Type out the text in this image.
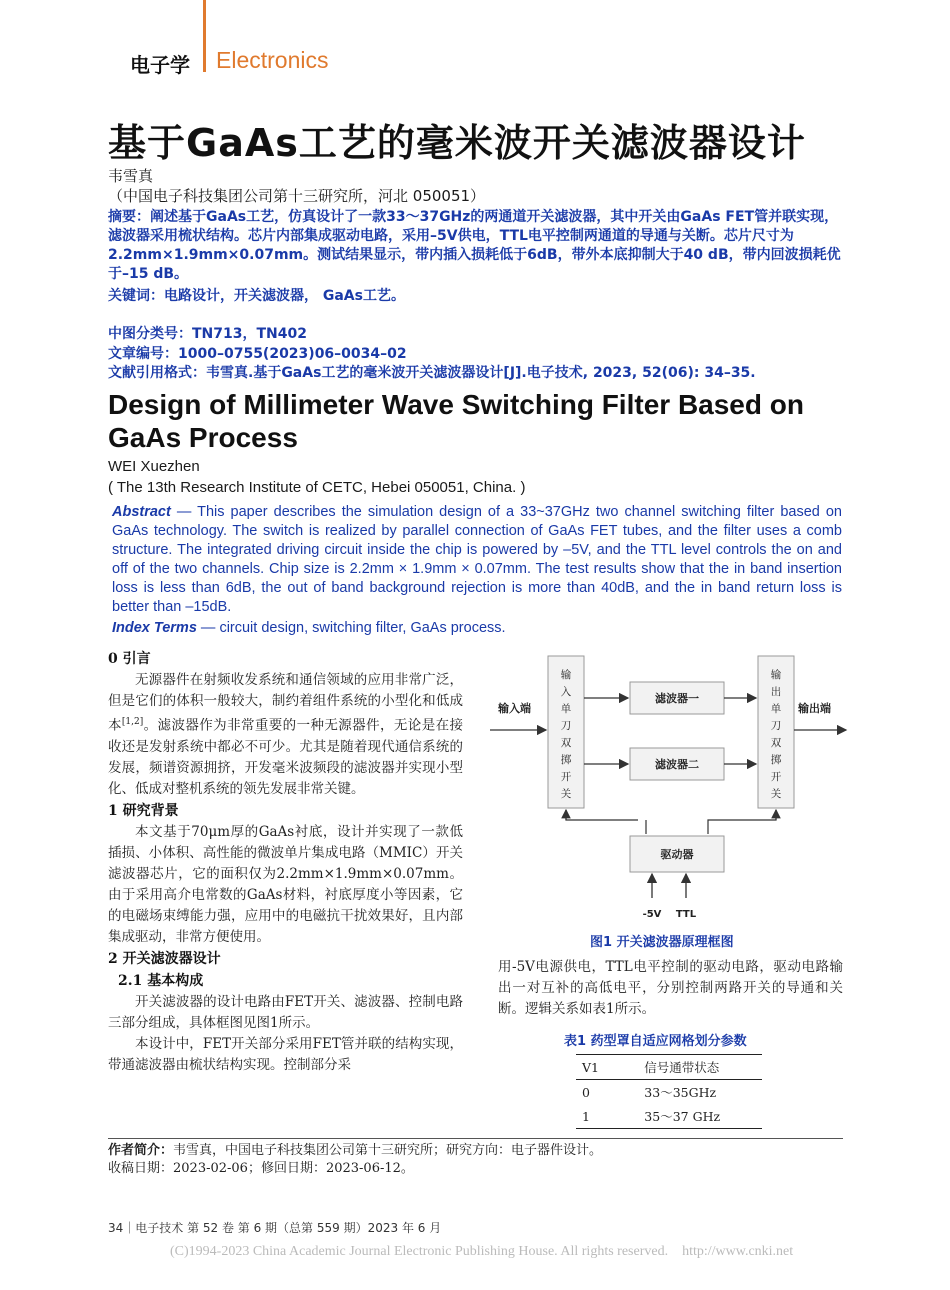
电子学 Electronics
基于GaAs工艺的毫米波开关滤波器设计
韦雪真
（中国电子科技集团公司第十三研究所，河北 050051）
摘要：阐述基于GaAs工艺，仿真设计了一款33～37GHz的两通道开关滤波器，其中开关由GaAs FET管并联实现，滤波器采用梳状结构。芯片内部集成驱动电路，采用–5V供电，TTL电平控制两通道的导通与关断。芯片尺寸为2.2mm×1.9mm×0.07mm。测试结果显示，带内插入损耗低于6dB，带外本底抑制大于40 dB，带内回波损耗优于–15 dB。
关键词：电路设计，开关滤波器， GaAs工艺。
中图分类号：TN713，TN402
文章编号：1000–0755(2023)06–0034–02
文献引用格式：韦雪真.基于GaAs工艺的毫米波开关滤波器设计[J].电子技术, 2023, 52(06): 34–35.
Design of Millimeter Wave Switching Filter Based on GaAs Process
WEI Xuezhen
( The 13th Research Institute of CETC, Hebei 050051, China. )
Abstract — This paper describes the simulation design of a 33~37GHz two channel switching filter based on GaAs technology. The switch is realized by parallel connection of GaAs FET tubes, and the filter uses a comb structure. The integrated driving circuit inside the chip is powered by –5V, and the TTL level controls the on and off of the two channels. Chip size is 2.2mm × 1.9mm × 0.07mm. The test results show that the in band insertion loss is less than 6dB, the out of band background rejection is more than 40dB, and the in band return loss is better than –15dB.
Index Terms — circuit design, switching filter, GaAs process.
0 引言

无源器件在射频收发系统和通信领域的应用非常广泛，但是它们的体积一般较大，制约着组件系统的小型化和低成本[1,2]。滤波器作为非常重要的一种无源器件，无论是在接收还是发射系统中都必不可少。尤其是随着现代通信系统的发展，频谱资源拥挤，开发毫米波频段的滤波器并实现小型化、低成对整机系统的领先发展非常关键。

1 研究背景

本文基于70μm厚的GaAs衬底，设计并实现了一款低插损、小体积、高性能的微波单片集成电路（MMIC）开关滤波器芯片，它的面积仅为2.2mm×1.9mm×0.07mm。由于采用高介电常数的GaAs材料，衬底厚度小等因素，它的电磁场束缚能力强，应用中的电磁抗干扰效果好，且内部集成驱动，非常方便使用。

2 开关滤波器设计
2.1 基本构成

开关滤波器的设计电路由FET开关、滤波器、控制电路三部分组成，具体框图见图1所示。

本设计中，FET开关部分采用FET管并联的结构实现，带通滤波器由梳状结构实现。控制部分采

输入端	输出端
滤波器一
滤波器二
驱动器
-5V TTL
输
入
单
刀
双
掷
开
关
输
出
单
刀
双
掷
开
关
图1 开关滤波器原理框图

用-5V电源供电，TTL电平控制的驱动电路，驱动电路输出一对互补的高低电平，分别控制两路开关的导通和关断。逻辑关系如表1所示。

表1 药型罩自适应网格划分参数
V1	信号通带状态
0	33～35GHz
1	35～37 GHz
作者简介：韦雪真，中国电子科技集团公司第十三研究所；研究方向：电子器件设计。
收稿日期：2023-02-06；修回日期：2023-06-12。
34｜电子技术 第 52 卷 第 6 期（总第 559 期）2023 年 6 月
(C)1994-2023 China Academic Journal Electronic Publishing House. All rights reserved.    http://www.cnki.net
